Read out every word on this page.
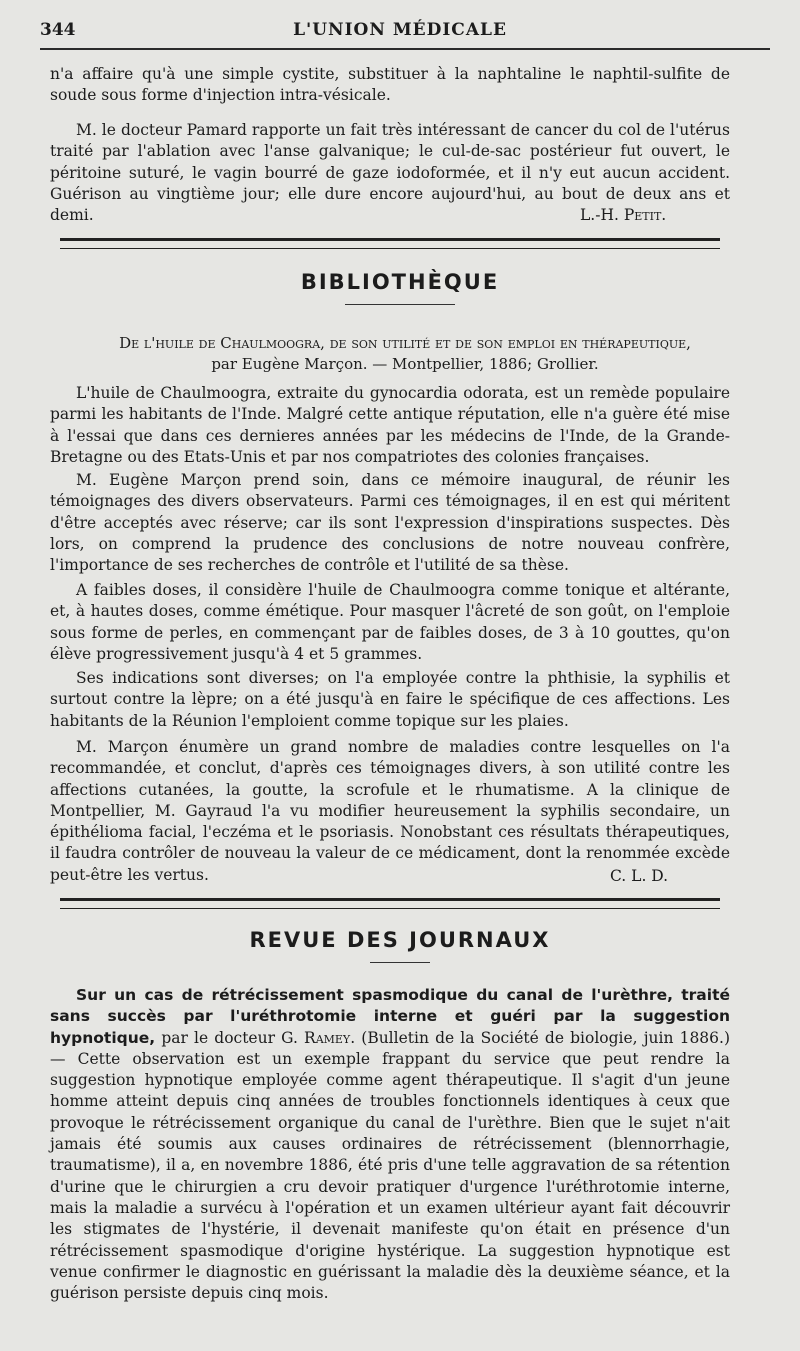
344	L'UNION MÉDICALE

n'a affaire qu'à une simple cystite, substituer à la naphtaline le naphtil-sulfite de soude sous forme d'injection intra-vésicale.

M. le docteur Pamard rapporte un fait très intéressant de cancer du col de l'utérus traité par l'ablation avec l'anse galvanique; le cul-de-sac postérieur fut ouvert, le péritoine suturé, le vagin bourré de gaze iodoformée, et il n'y eut aucun accident. Guérison au vingtième jour; elle dure encore aujourd'hui, au bout de deux ans et demi.	L.-H. Petit.
BIBLIOTHÈQUE
De l'huile de Chaulmoogra, de son utilité et de son emploi en thérapeutique,
par Eugène Marçon. — Montpellier, 1886; Grollier.

L'huile de Chaulmoogra, extraite du gynocardia odorata, est un remède populaire parmi les habitants de l'Inde. Malgré cette antique réputation, elle n'a guère été mise à l'essai que dans ces dernieres années par les médecins de l'Inde, de la Grande-Bretagne ou des Etats-Unis et par nos compatriotes des colonies françaises.

M. Eugène Marçon prend soin, dans ce mémoire inaugural, de réunir les témoignages des divers observateurs. Parmi ces témoignages, il en est qui méritent d'être acceptés avec réserve; car ils sont l'expression d'inspirations suspectes. Dès lors, on comprend la prudence des conclusions de notre nouveau confrère, l'importance de ses recherches de contrôle et l'utilité de sa thèse.

A faibles doses, il considère l'huile de Chaulmoogra comme tonique et altérante, et, à hautes doses, comme émétique. Pour masquer l'âcreté de son goût, on l'emploie sous forme de perles, en commençant par de faibles doses, de 3 à 10 gouttes, qu'on élève progressivement jusqu'à 4 et 5 grammes.

Ses indications sont diverses; on l'a employée contre la phthisie, la syphilis et surtout contre la lèpre; on a été jusqu'à en faire le spécifique de ces affections. Les habitants de la Réunion l'emploient comme topique sur les plaies.

M. Marçon énumère un grand nombre de maladies contre lesquelles on l'a recommandée, et conclut, d'après ces témoignages divers, à son utilité contre les affections cutanées, la goutte, la scrofule et le rhumatisme. A la clinique de Montpellier, M. Gayraud l'a vu modifier heureusement la syphilis secondaire, un épithélioma facial, l'eczéma et le psoriasis. Nonobstant ces résultats thérapeutiques, il faudra contrôler de nouveau la valeur de ce médicament, dont la renommée excède peut-être les vertus.	C. L. D.
REVUE DES JOURNAUX

Sur un cas de rétrécissement spasmodique du canal de l'urèthre, traité sans succès par l'uréthrotomie interne et guéri par la suggestion hypnotique, par le docteur G. Ramey. (Bulletin de la Société de biologie, juin 1886.) — Cette observation est un exemple frappant du service que peut rendre la suggestion hypnotique employée comme agent thérapeutique. Il s'agit d'un jeune homme atteint depuis cinq années de troubles fonctionnels identiques à ceux que provoque le rétrécissement organique du canal de l'urèthre. Bien que le sujet n'ait jamais été soumis aux causes ordinaires de rétrécissement (blennorrhagie, traumatisme), il a, en novembre 1886, été pris d'une telle aggravation de sa rétention d'urine que le chirurgien a cru devoir pratiquer d'urgence l'uréthrotomie interne, mais la maladie a survécu à l'opération et un examen ultérieur ayant fait découvrir les stigmates de l'hystérie, il devenait manifeste qu'on était en présence d'un rétrécissement spasmodique d'origine hystérique. La suggestion hypnotique est venue confirmer le diagnostic en guérissant la maladie dès la deuxième séance, et la guérison persiste depuis cinq mois.
